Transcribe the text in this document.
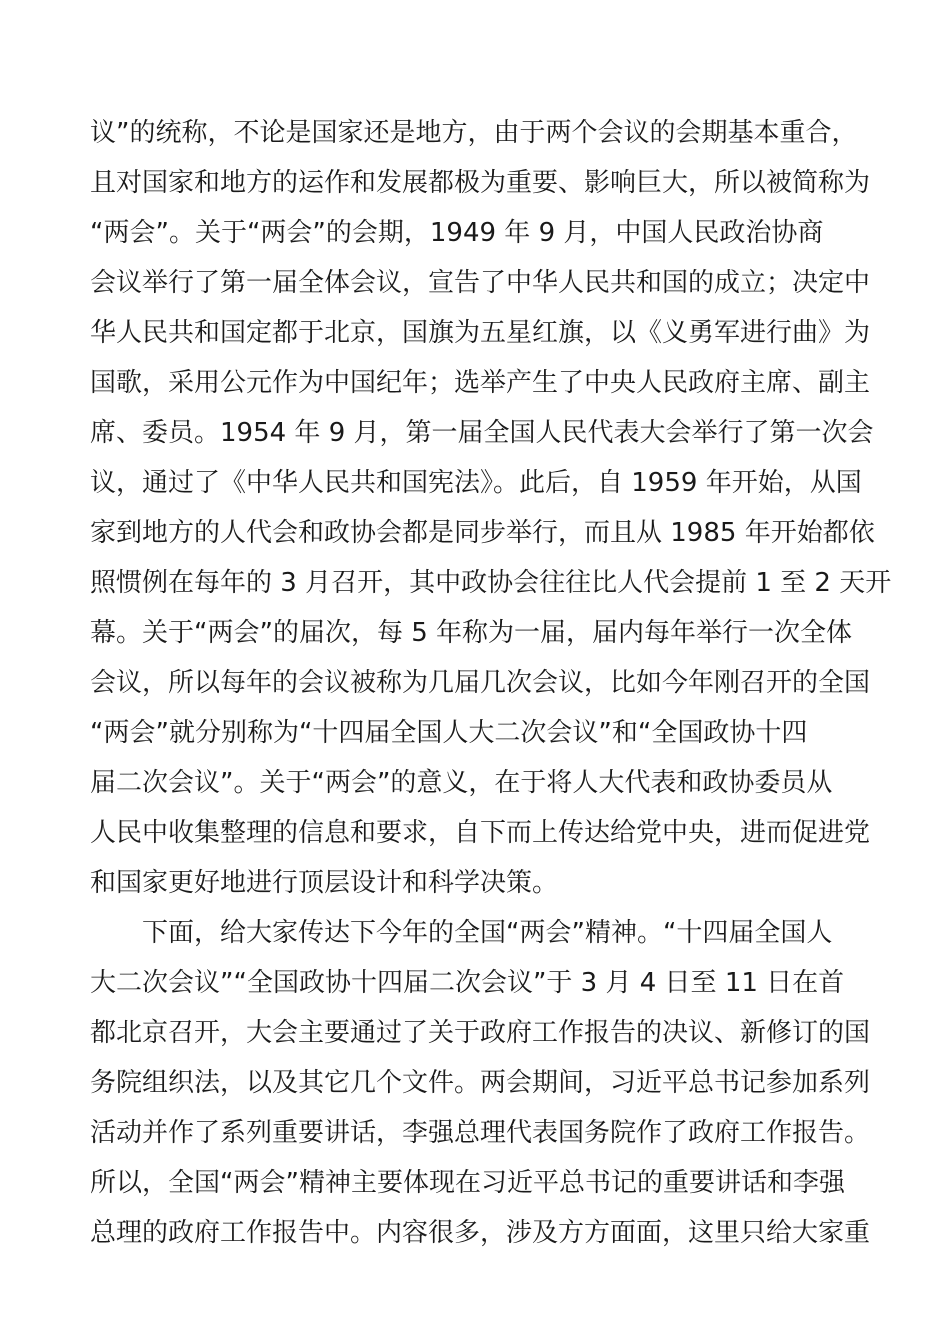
议”的统称，不论是国家还是地方，由于两个会议的会期基本重合，
且对国家和地方的运作和发展都极为重要、影响巨大，所以被简称为
“两会”。关于“两会”的会期，1949 年 9 月，中国人民政治协商
会议举行了第一届全体会议，宣告了中华人民共和国的成立；决定中
华人民共和国定都于北京，国旗为五星红旗，以《义勇军进行曲》为
国歌，采用公元作为中国纪年；选举产生了中央人民政府主席、副主
席、委员。1954 年 9 月，第一届全国人民代表大会举行了第一次会
议，通过了《中华人民共和国宪法》。此后，自 1959 年开始，从国
家到地方的人代会和政协会都是同步举行，而且从 1985 年开始都依
照惯例在每年的 3 月召开，其中政协会往往比人代会提前 1 至 2 天开
幕。关于“两会”的届次，每 5 年称为一届，届内每年举行一次全体
会议，所以每年的会议被称为几届几次会议，比如今年刚召开的全国
“两会”就分别称为“十四届全国人大二次会议”和“全国政协十四
届二次会议”。关于“两会”的意义，在于将人大代表和政协委员从
人民中收集整理的信息和要求，自下而上传达给党中央，进而促进党
和国家更好地进行顶层设计和科学决策。
下面，给大家传达下今年的全国“两会”精神。“十四届全国人
大二次会议”“全国政协十四届二次会议”于 3 月 4 日至 11 日在首
都北京召开，大会主要通过了关于政府工作报告的决议、新修订的国
务院组织法，以及其它几个文件。两会期间，习近平总书记参加系列
活动并作了系列重要讲话，李强总理代表国务院作了政府工作报告。
所以，全国“两会”精神主要体现在习近平总书记的重要讲话和李强
总理的政府工作报告中。内容很多，涉及方方面面，这里只给大家重
